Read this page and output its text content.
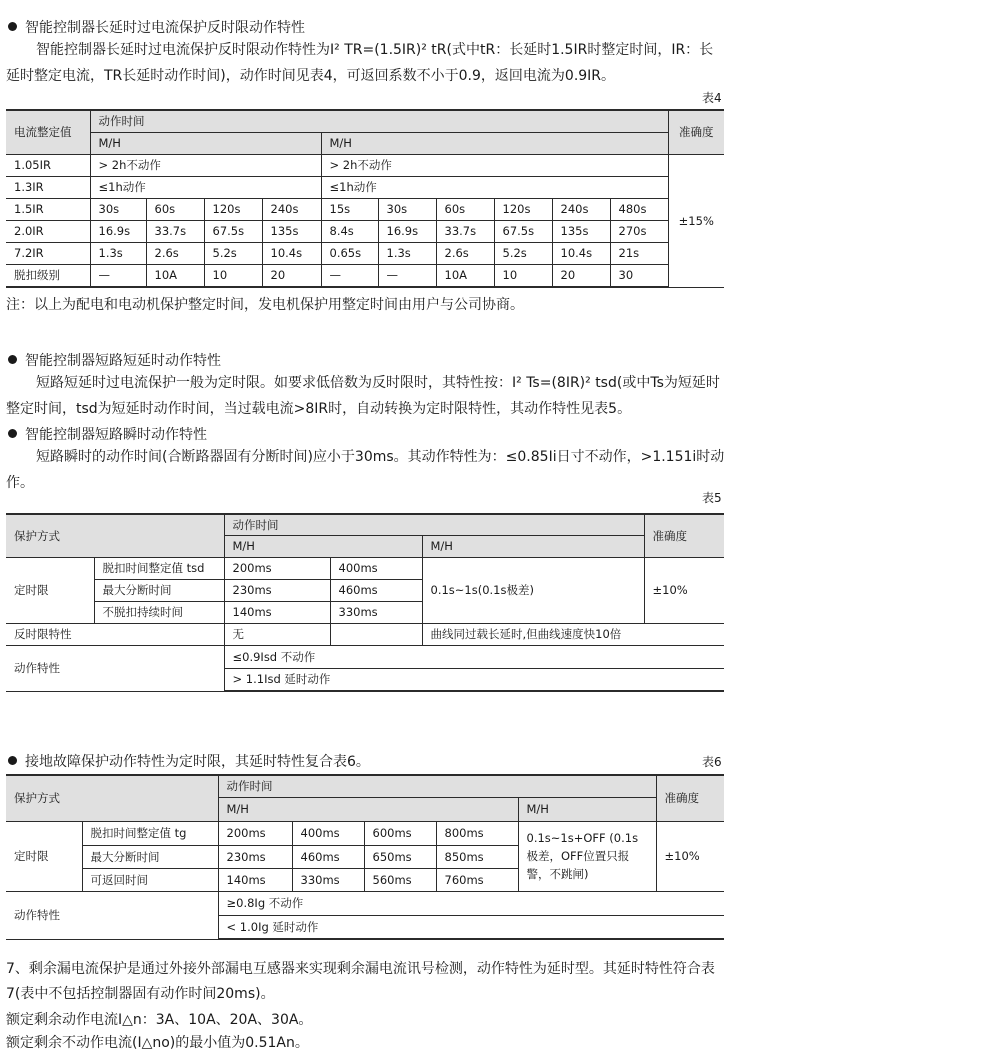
智能控制器长延时过电流保护反时限动作特性
智能控制器长延时过电流保护反时限动作特性为I² TR=(1.5IR)² tR(式中tR：长延时1.5IR时整定时间，IR：长延时整定电流，TR长延时动作时间)，动作时间见表4，可返回系数不小于0.9，返回电流为0.9IR。
表4
电流整定值	动作时间										准确度
	M/H				M/H						
1.05IR	> 2h不动作				> 2h不动作						±15%
1.3IR	≤1h动作				≤1h动作						
1.5IR	30s	60s	120s	240s	15s	30s	60s	120s	240s	480s	
2.0IR	16.9s	33.7s	67.5s	135s	8.4s	16.9s	33.7s	67.5s	135s	270s	
7.2IR	1.3s	2.6s	5.2s	10.4s	0.65s	1.3s	2.6s	5.2s	10.4s	21s	
脱扣级别	—	10A	10	20	—	—	10A	10	20	30	
注：以上为配电和电动机保护整定时间，发电机保护用整定时间由用户与公司协商。
智能控制器短路短延时动作特性
短路短延时过电流保护一般为定时限。如要求低倍数为反时限时，其特性按：I² Ts=(8IR)² tsd(或中Ts为短延时整定时间，tsd为短延时动作时间，当过载电流>8IR时，自动转换为定时限特性，其动作特性见表5。
智能控制器短路瞬时动作特性
短路瞬时的动作时间(合断路器固有分断时间)应小于30ms。其动作特性为：≤0.85Ii日寸不动作，>1.151i时动作。
表5
保护方式		动作时间			准确度
		M/H		M/H	
定时限	脱扣时间整定值 tsd	200ms	400ms	0.1s~1s(0.1s极差)	±10%
	最大分断时间	230ms	460ms		
	不脱扣持续时间	140ms	330ms		
反时限特性		无		曲线同过载长延时,但曲线速度快10倍	
动作特性		≤0.9Isd 不动作			
		> 1.1Isd 延时动作			
接地故障保护动作特性为定时限，其延时特性复合表6。	表6
保护方式		动作时间					准确度
		M/H				M/H	
定时限	脱扣时间整定值 tg	200ms	400ms	600ms	800ms	0.1s~1s+OFF (0.1s极差，OFF位置只报警，不跳闸)	±10%
	最大分断时间	230ms	460ms	650ms	850ms		
	可返回时间	140ms	330ms	560ms	760ms		
动作特性		≥0.8Ig 不动作					
		< 1.0Ig 延时动作					
7、剩余漏电流保护是通过外接外部漏电互感器来实现剩余漏电流讯号检测，动作特性为延时型。其延时特性符合表7(表中不包括控制器固有动作时间20ms)。
额定剩余动作电流I△n：3A、10A、20A、30A。
额定剩余不动作电流(I△no)的最小值为0.51An。
